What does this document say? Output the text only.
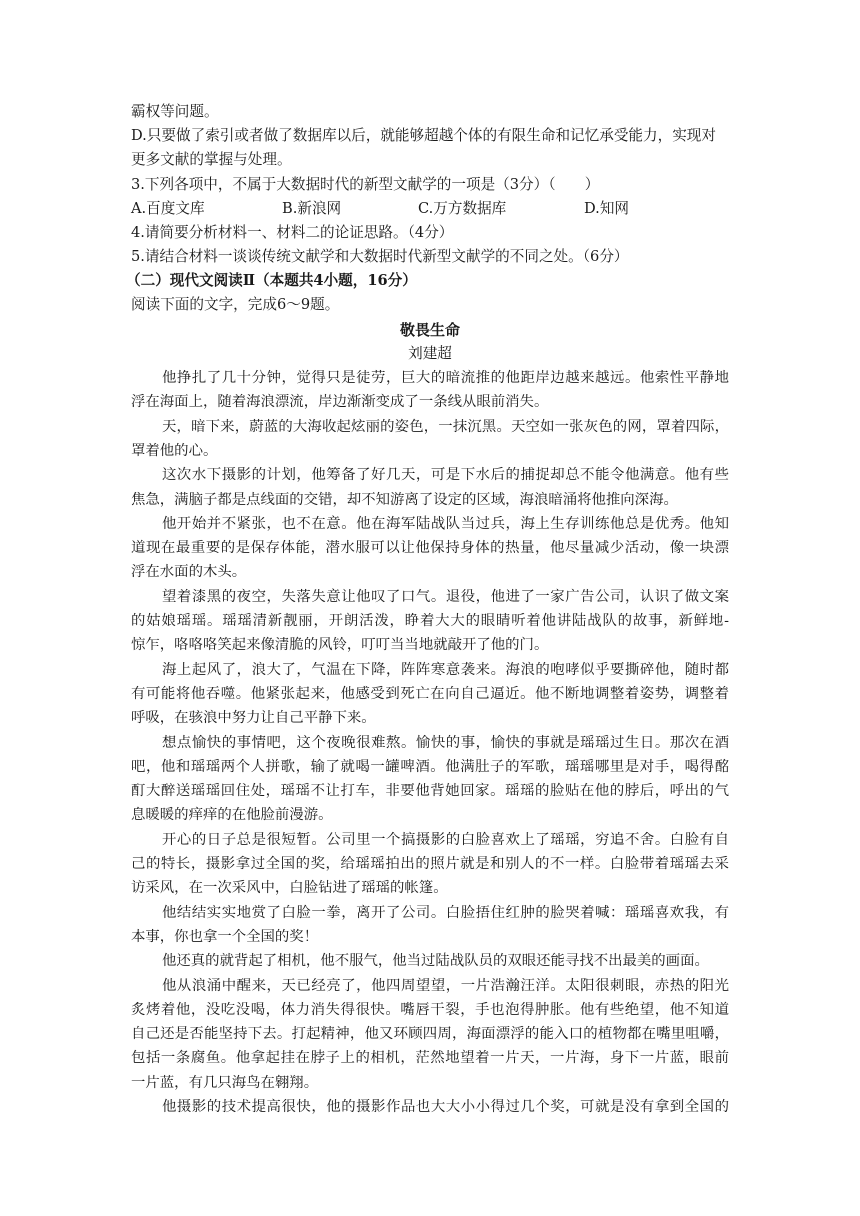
霸权等问题。
D.只要做了索引或者做了数据库以后，就能够超越个体的有限生命和记忆承受能力，实现对
更多文献的掌握与处理。
3.下列各项中，不属于大数据时代的新型文献学的一项是（3分）（　　）
A.百度文库	B.新浪网	C.万方数据库	D.知网
4.请简要分析材料一、材料二的论证思路。（4分）
5.请结合材料一谈谈传统文献学和大数据时代新型文献学的不同之处。（6分）
（二）现代文阅读Ⅱ（本题共4小题，16分）
阅读下面的文字，完成6～9题。
敬畏生命
刘建超
他挣扎了几十分钟，觉得只是徒劳，巨大的暗流推的他距岸边越来越远。他索性平静地
浮在海面上，随着海浪漂流，岸边渐渐变成了一条线从眼前消失。
天，暗下来，蔚蓝的大海收起炫丽的姿色，一抹沉黑。天空如一张灰色的网，罩着四际，
罩着他的心。
这次水下摄影的计划，他筹备了好几天，可是下水后的捕捉却总不能令他满意。他有些
焦急，满脑子都是点线面的交错，却不知游离了设定的区域，海浪暗涌将他推向深海。
他开始并不紧张，也不在意。他在海军陆战队当过兵，海上生存训练他总是优秀。他知
道现在最重要的是保存体能，潜水服可以让他保持身体的热量，他尽量减少活动，像一块漂
浮在水面的木头。
望着漆黑的夜空，失落失意让他叹了口气。退役，他进了一家广告公司，认识了做文案
的姑娘瑶瑶。瑶瑶清新靓丽，开朗活泼，睁着大大的眼睛听着他讲陆战队的故事，新鲜地-
惊乍，咯咯咯笑起来像清脆的风铃，叮叮当当地就敲开了他的门。
海上起风了，浪大了，气温在下降，阵阵寒意袭来。海浪的咆哮似乎要撕碎他，随时都
有可能将他吞噬。他紧张起来，他感受到死亡在向自己逼近。他不断地调整着姿势，调整着
呼吸，在骇浪中努力让自己平静下来。
想点愉快的事情吧，这个夜晚很难熬。愉快的事，愉快的事就是瑶瑶过生日。那次在酒
吧，他和瑶瑶两个人拼歌，输了就喝一罐啤酒。他满肚子的军歌，瑶瑶哪里是对手，喝得酩
酊大醉送瑶瑶回住处，瑶瑶不让打车，非要他背她回家。瑶瑶的脸贴在他的脖后，呼出的气
息暖暖的痒痒的在他脸前漫游。
开心的日子总是很短暂。公司里一个搞摄影的白脸喜欢上了瑶瑶，穷追不舍。白脸有自
己的特长，摄影拿过全国的奖，给瑶瑶拍出的照片就是和别人的不一样。白脸带着瑶瑶去采
访采风，在一次采风中，白脸钻进了瑶瑶的帐篷。
他结结实实地赏了白脸一拳，离开了公司。白脸捂住红肿的脸哭着喊：瑶瑶喜欢我，有
本事，你也拿一个全国的奖！
他还真的就背起了相机，他不服气，他当过陆战队员的双眼还能寻找不出最美的画面。
他从浪涌中醒来，天已经亮了，他四周望望，一片浩瀚汪洋。太阳很刺眼，赤热的阳光
炙烤着他，没吃没喝，体力消失得很快。嘴唇干裂，手也泡得肿胀。他有些绝望，他不知道
自己还是否能坚持下去。打起精神，他又环顾四周，海面漂浮的能入口的植物都在嘴里咀嚼，
包括一条腐鱼。他拿起挂在脖子上的相机，茫然地望着一片天，一片海，身下一片蓝，眼前
一片蓝，有几只海鸟在翱翔。
他摄影的技术提高很快，他的摄影作品也大大小小得过几个奖，可就是没有拿到全国的
